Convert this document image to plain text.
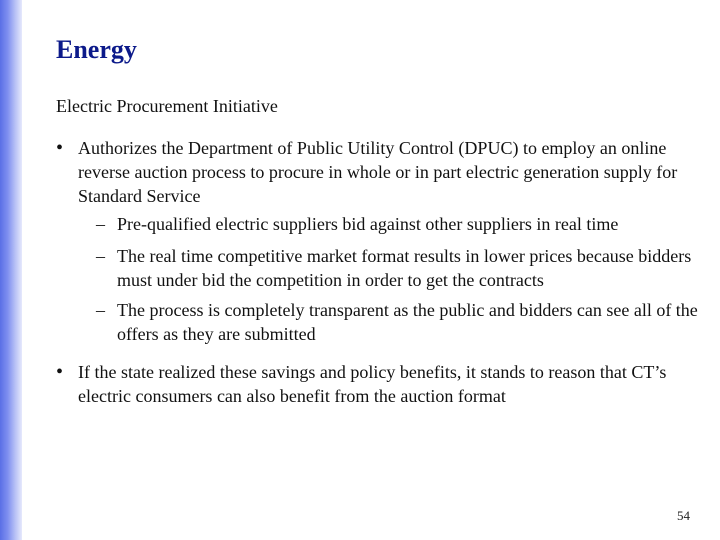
Energy
Electric Procurement Initiative
• Authorizes the Department of Public Utility Control (DPUC) to employ an online reverse auction process to procure in whole or in part electric generation supply for Standard Service
– Pre-qualified electric suppliers bid against other suppliers in real time
– The real time competitive market format results in lower prices because bidders must under bid the competition in order to get the contracts
– The process is completely transparent as the public and bidders can see all of the offers as they are submitted
• If the state realized these savings and policy benefits, it stands to reason that CT’s electric consumers can also benefit from the auction format
54
